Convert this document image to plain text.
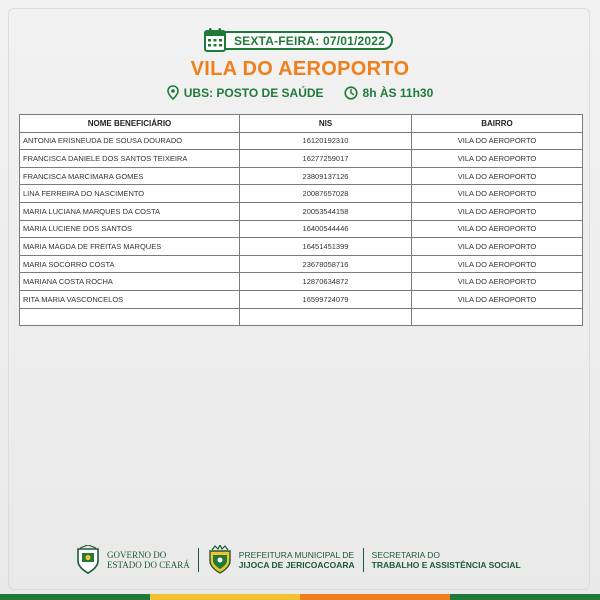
SEXTA-FEIRA: 07/01/2022
VILA DO AEROPORTO
UBS: POSTO DE SAÚDE	8h ÀS 11h30
NOME BENEFICIÁRIO	NIS	BAIRRO
ANTONIA ERISNEUDA DE SOUSA DOURADO	16120192310	VILA DO AEROPORTO
FRANCISCA DANIELE DOS SANTOS TEIXEIRA	16277259017	VILA DO AEROPORTO
FRANCISCA MARCIMARA GOMES	23809137126	VILA DO AEROPORTO
LINA FERREIRA DO NASCIMENTO	20087657028	VILA DO AEROPORTO
MARIA LUCIANA MARQUES DA COSTA	20053544158	VILA DO AEROPORTO
MARIA LUCIENE DOS SANTOS	16400544446	VILA DO AEROPORTO
MARIA MAGDA DE FREITAS MARQUES	16451451399	VILA DO AEROPORTO
MARIA SOCORRO COSTA	23678058716	VILA DO AEROPORTO
MARIANA COSTA ROCHA	12870634872	VILA DO AEROPORTO
RITA MARIA VASCONCELOS	16599724079	VILA DO AEROPORTO

GOVERNO DO
ESTADO DO CEARÁ
PREFEITURA MUNICIPAL DE
JIJOCA DE JERICOACOARA
SECRETARIA DO
TRABALHO E ASSISTÊNCIA SOCIAL
